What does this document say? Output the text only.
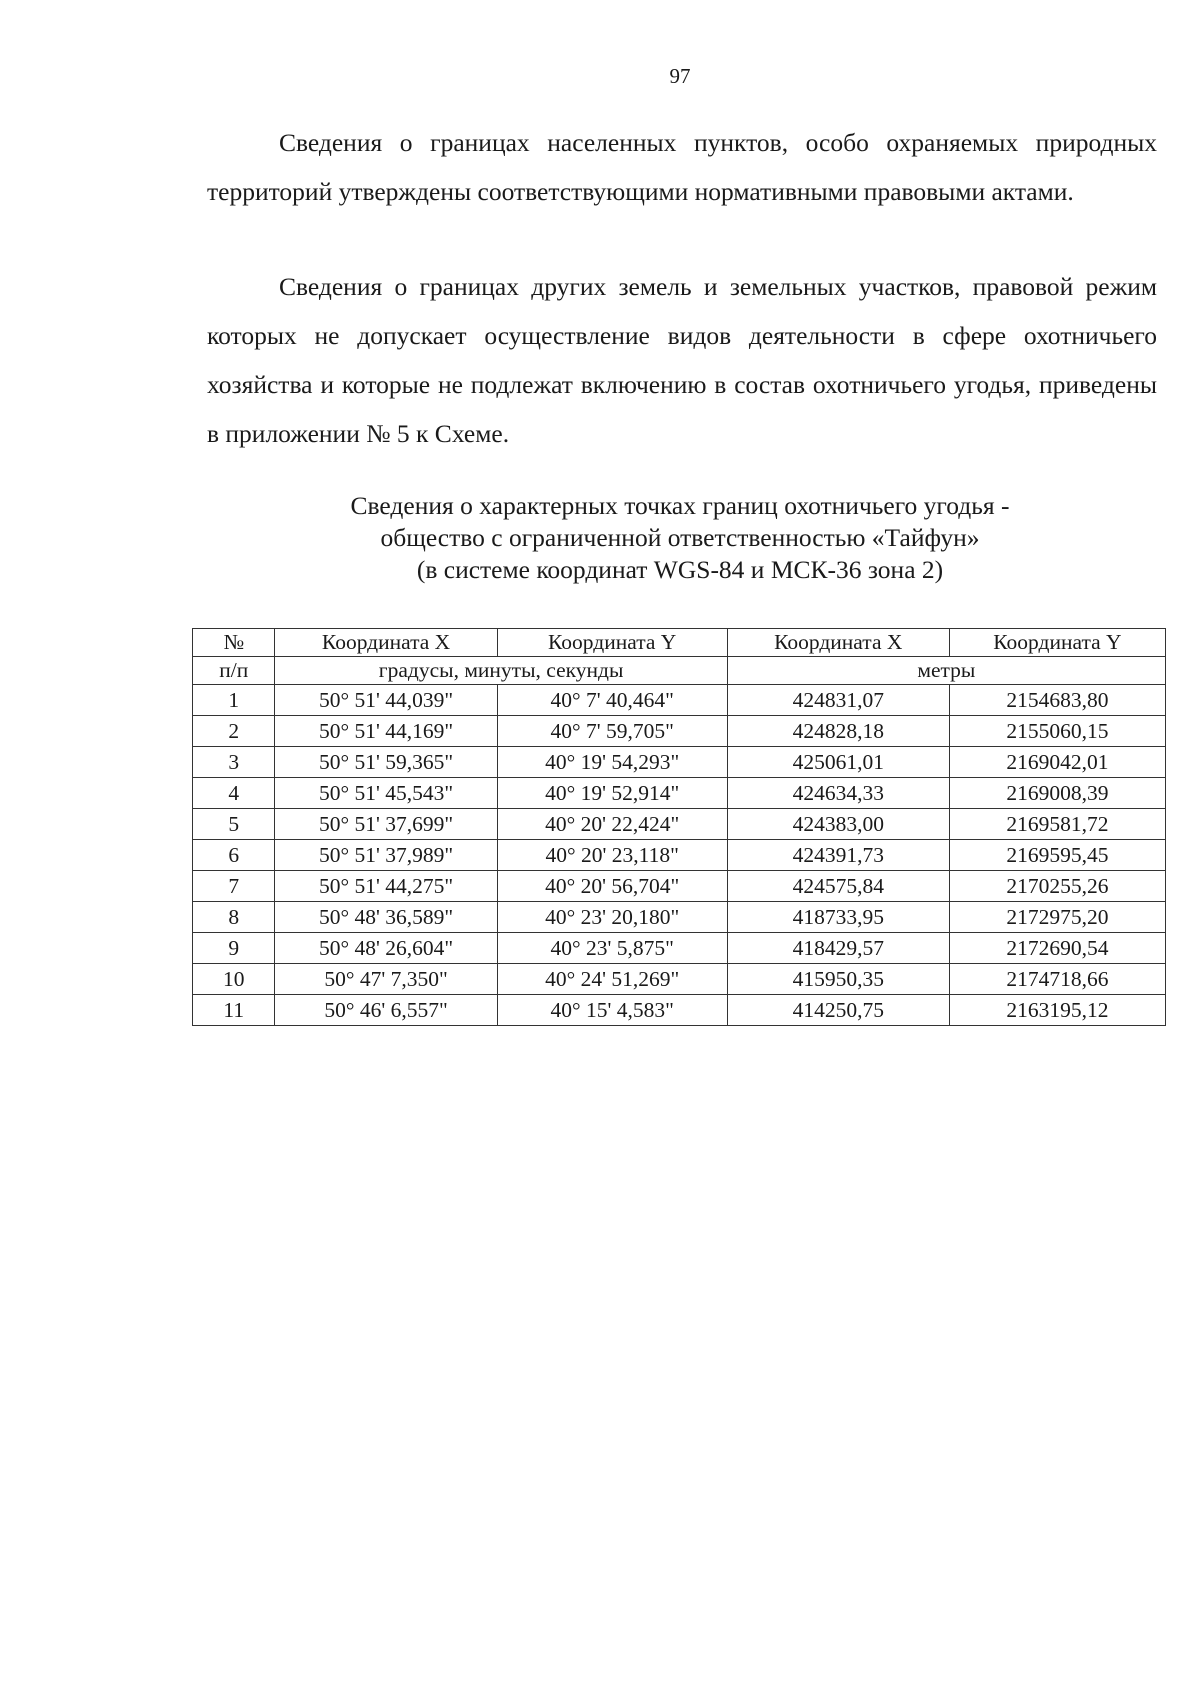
97

Сведения о границах населенных пунктов, особо охраняемых природных территорий утверждены соответствующими нормативными правовыми актами.

Сведения о границах других земель и земельных участков, правовой режим которых не допускает осуществление видов деятельности в сфере охотничьего хозяйства и которые не подлежат включению в состав охотничьего угодья, приведены в приложении № 5 к Схеме.

Сведения о характерных точках границ охотничьего угодья -
общество с ограниченной ответственностью «Тайфун»
(в системе координат WGS-84 и МСК-36 зона 2)
№	Координата X	Координата Y	Координата X	Координата Y
п/п	градусы, минуты, секунды		метры	
1	50° 51' 44,039"	40° 7' 40,464"	424831,07	2154683,80
2	50° 51' 44,169"	40° 7' 59,705"	424828,18	2155060,15
3	50° 51' 59,365"	40° 19' 54,293"	425061,01	2169042,01
4	50° 51' 45,543"	40° 19' 52,914"	424634,33	2169008,39
5	50° 51' 37,699"	40° 20' 22,424"	424383,00	2169581,72
6	50° 51' 37,989"	40° 20' 23,118"	424391,73	2169595,45
7	50° 51' 44,275"	40° 20' 56,704"	424575,84	2170255,26
8	50° 48' 36,589"	40° 23' 20,180"	418733,95	2172975,20
9	50° 48' 26,604"	40° 23' 5,875"	418429,57	2172690,54
10	50° 47' 7,350"	40° 24' 51,269"	415950,35	2174718,66
11	50° 46' 6,557"	40° 15' 4,583"	414250,75	2163195,12
